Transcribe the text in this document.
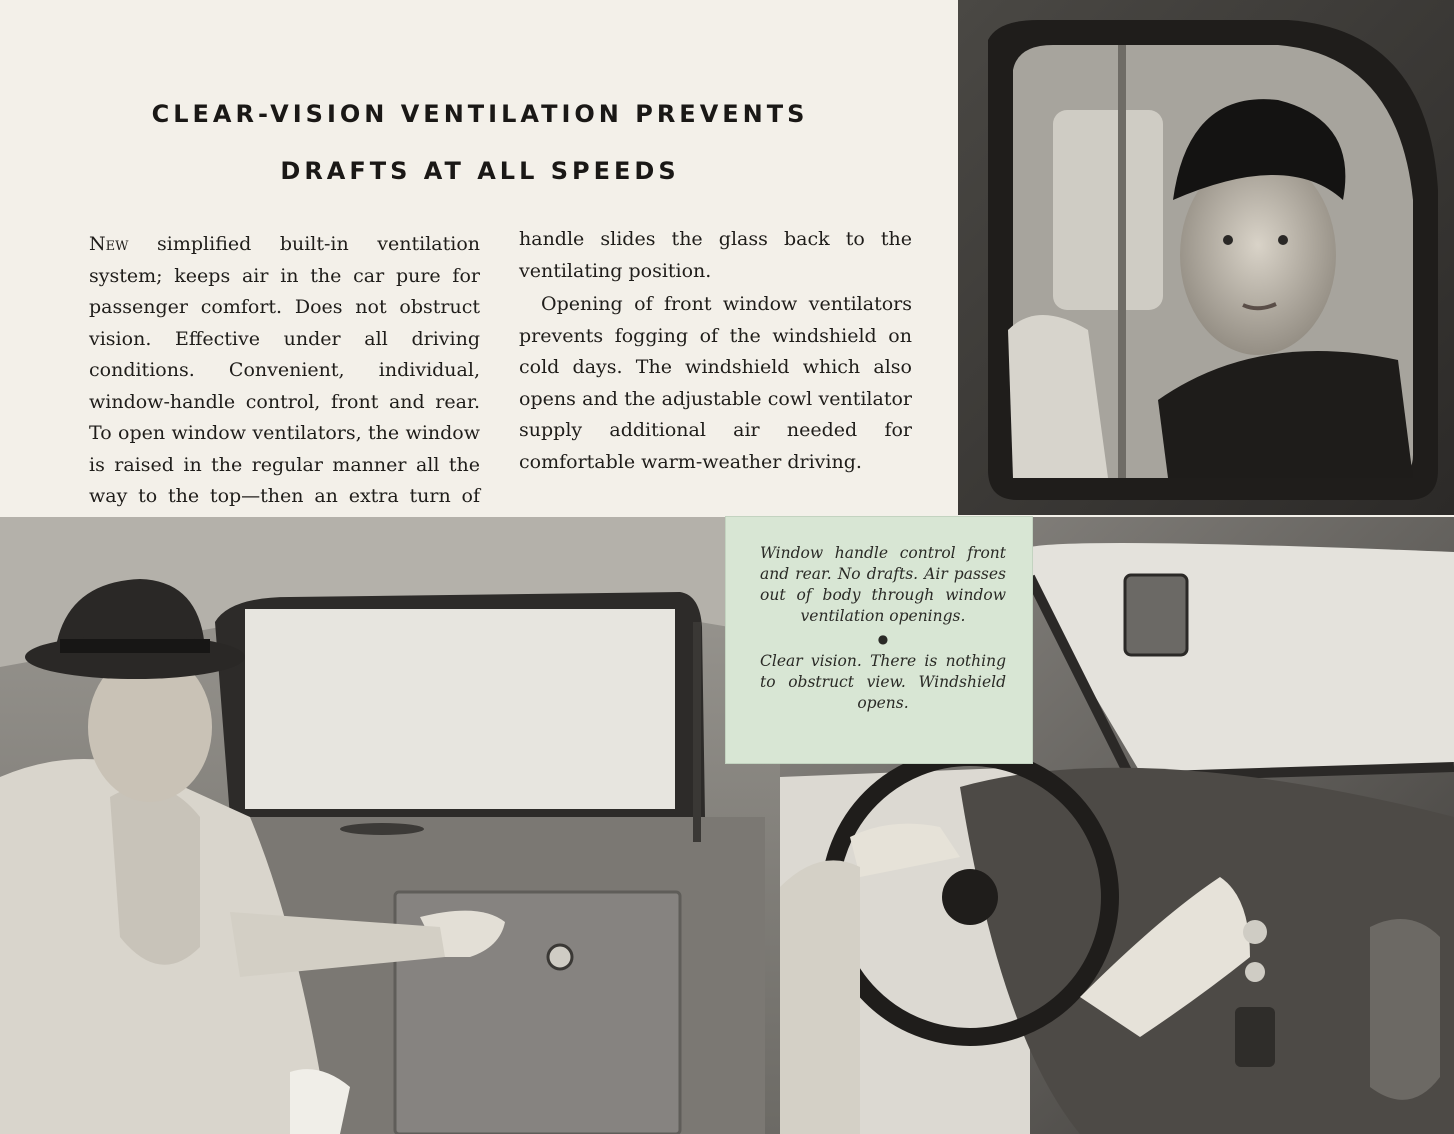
CLEAR-VISION VENTILATION PREVENTS
DRAFTS AT ALL SPEEDS

New simplified built-in ventilation system; keeps air in the car pure for passenger comfort. Does not obstruct vision. Effective under all driving conditions. Convenient, individual, window-handle control, front and rear. To open window ventilators, the window is raised in the regular manner all the way to the top—then an extra turn of

handle slides the glass back to the ventilating position.

Opening of front window ventilators prevents fogging of the windshield on cold days. The windshield which also opens and the adjustable cowl ventilator supply additional air needed for comfortable warm-weather driving.

Window handle control front and rear. No drafts. Air passes out of body through window ventilation openings.

●

Clear vision. There is nothing to obstruct view. Windshield opens.
